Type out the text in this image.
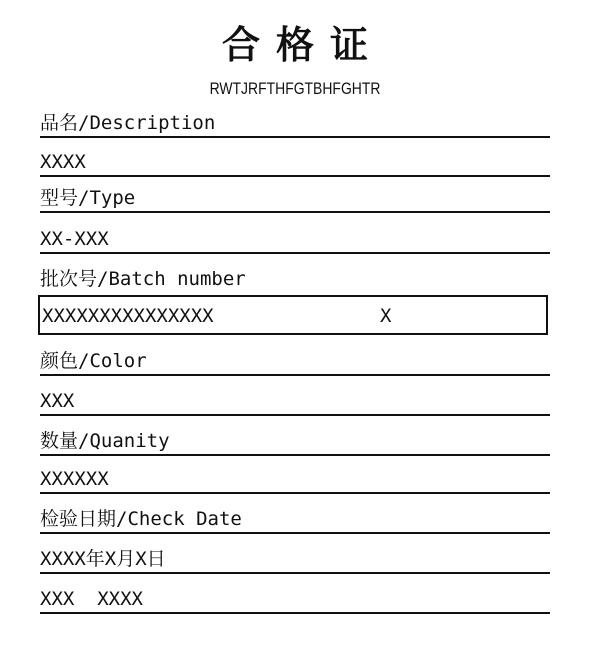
合格证
RWTJRFTHFGTBHFGHTR
品名/Description
XXXX
型号/Type
XX-XXX
批次号/Batch number
XXXXXXXXXXXXXXX	X
颜色/Color
XXX
数量/Quanity
XXXXXX
检验日期/Check Date
XXXX年X月X日
XXX  XXXX
